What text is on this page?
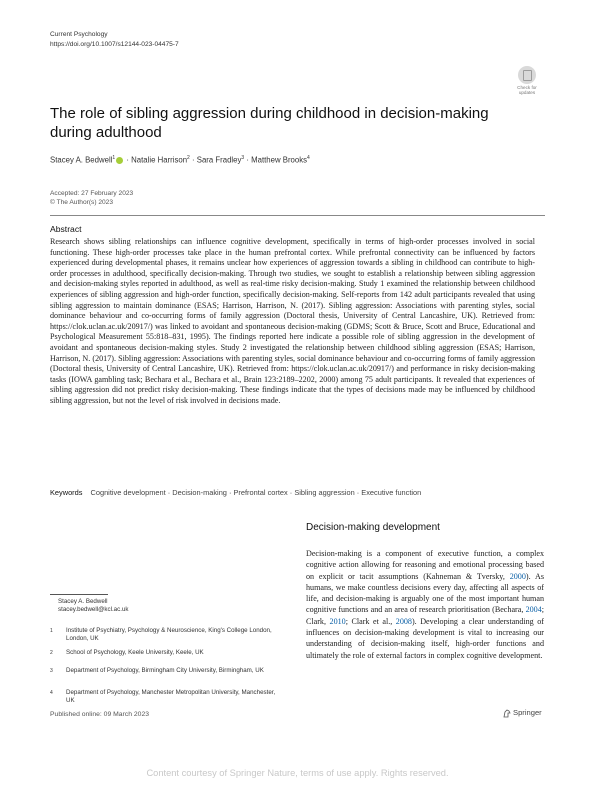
Current Psychology
https://doi.org/10.1007/s12144-023-04475-7
Check for updates
The role of sibling aggression during childhood in decision-making during adulthood
Stacey A. Bedwell$^1$ · Natalie Harrison$^2$ · Sara Fradley$^3$ · Matthew Brooks$^4$
Accepted: 27 February 2023
© The Author(s) 2023
Abstract
Research shows sibling relationships can influence cognitive development, specifically in terms of high-order processes involved in social functioning. These high-order processes take place in the human prefrontal cortex. While prefrontal connectivity can be influenced by factors experienced during developmental phases, it remains unclear how experiences of aggression towards a sibling in childhood can contribute to high-order processes in adulthood, specifically decision-making. Through two studies, we sought to establish a relationship between sibling aggression and decision-making styles reported in adulthood, as well as real-time risky decision-making. Study 1 examined the relationship between childhood experiences of sibling aggression and high-order function, specifically decision-making. Self-reports from 142 adult participants revealed that using sibling aggression to maintain dominance (ESAS; Harrison, Harrison, N. (2017). Sibling aggression: Associations with parenting styles, social dominance behaviour and co-occurring forms of family aggression (Doctoral thesis, University of Central Lancashire, UK). Retrieved from: https://clok.uclan.ac.uk/20917/) was linked to avoidant and spontaneous decision-making (GDMS; Scott & Bruce, Scott and Bruce, Educational and Psychological Measurement 55:818–831, 1995). The findings reported here indicate a possible role of sibling aggression in the development of avoidant and spontaneous decision-making styles. Study 2 investigated the relationship between childhood sibling aggression (ESAS; Harrison, Harrison, N. (2017). Sibling aggression: Associations with parenting styles, social dominance behaviour and co-occurring forms of family aggression (Doctoral thesis, University of Central Lancashire, UK). Retrieved from: https://clok.uclan.ac.uk/20917/) and performance in risky decision-making tasks (IOWA gambling task; Bechara et al., Bechara et al., Brain 123:2189–2202, 2000) among 75 adult participants. It revealed that experiences of sibling aggression did not predict risky decision-making. These findings indicate that the types of decisions made may be influenced by childhood sibling aggression, but not the level of risk involved in decisions made.
Keywords Cognitive development · Decision-making · Prefrontal cortex · Sibling aggression · Executive function
Decision-making development
Decision-making is a component of executive function, a complex cognitive action allowing for reasoning and emotional processing based on explicit or tacit assumptions (Kahneman & Tversky, 2000). As humans, we make countless decisions every day, affecting all aspects of life, and decision-making is arguably one of the most important human cognitive functions and an area of research prioritisation (Bechara, 2004; Clark, 2010; Clark et al., 2008). Developing a clear understanding of influences on decision-making development is vital to increasing our understanding of decision-making itself, high-order functions and ultimately the role of external factors in complex cognitive development.
Stacey A. Bedwell
stacey.bedwell@kcl.ac.uk
1 Institute of Psychiatry, Psychology & Neuroscience, King's College London, London, UK
2 School of Psychology, Keele University, Keele, UK
3 Department of Psychology, Birmingham City University, Birmingham, UK
4 Department of Psychology, Manchester Metropolitan University, Manchester, UK
Published online: 09 March 2023	Springer
Content courtesy of Springer Nature, terms of use apply. Rights reserved.
